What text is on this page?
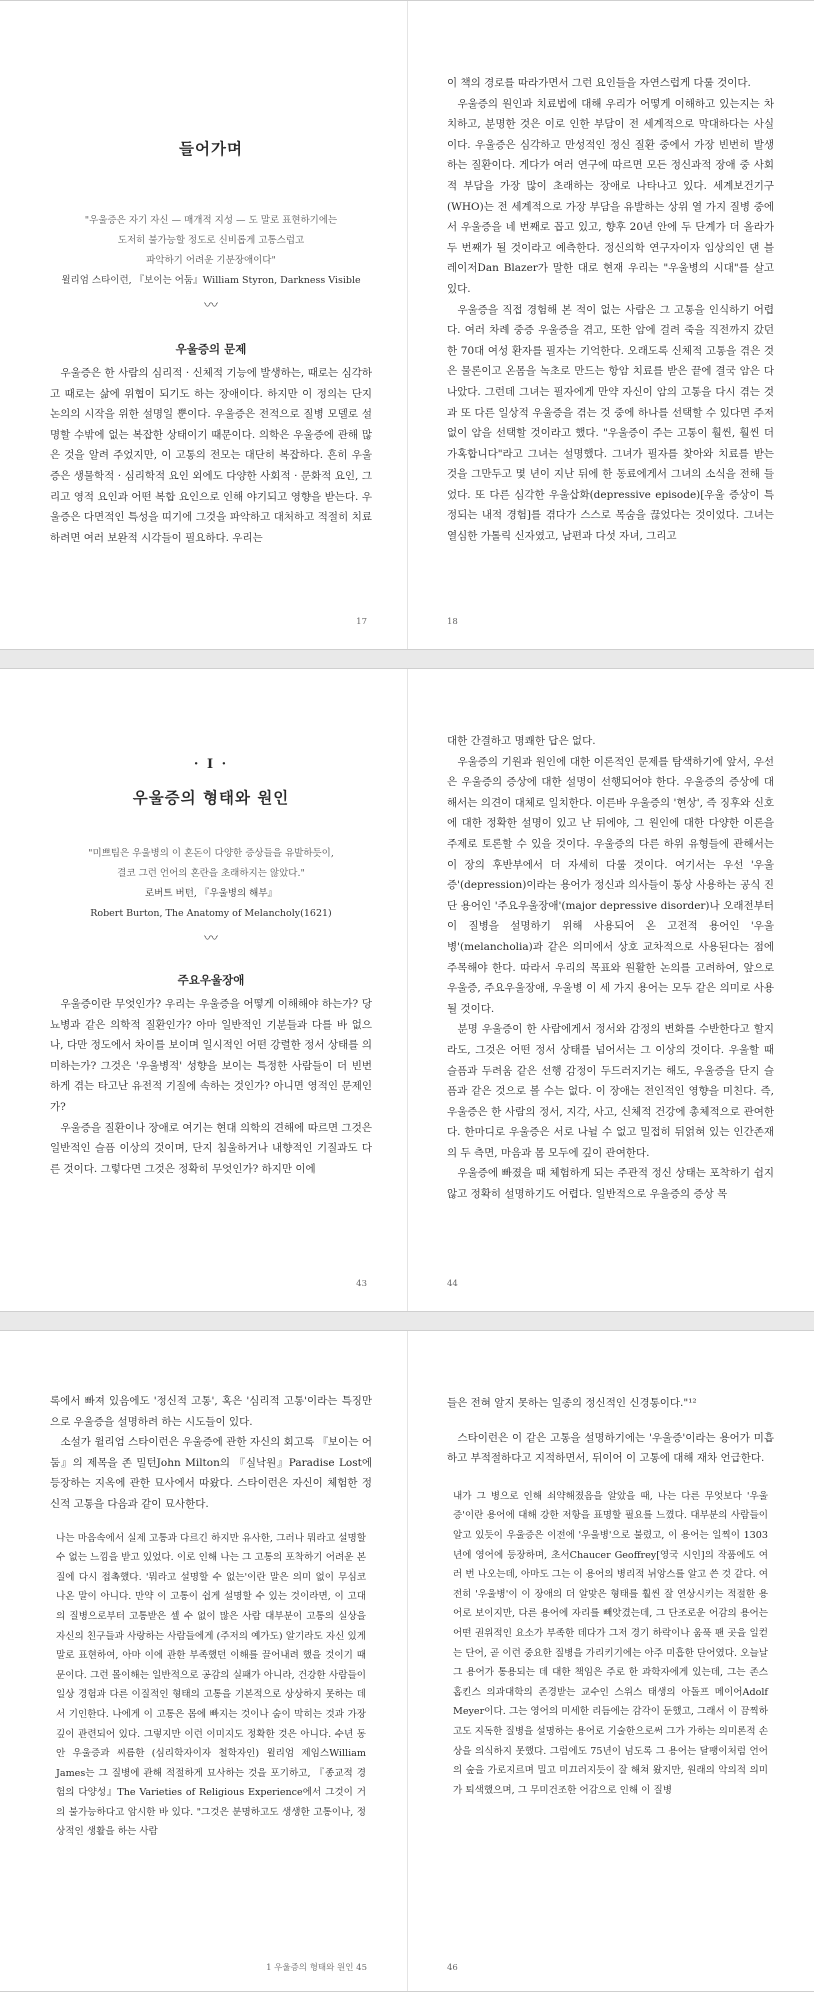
들어가며

"우울증은 자기 자신 — 매개적 지성 — 도 말로 표현하기에는

도저히 불가능할 정도로 신비롭게 고통스럽고

파악하기 어려운 기분장애이다"

윌리엄 스타이런, 『보이는 어둠』William Styron, Darkness Visible

〰

우울증의 문제

우울증은 한 사람의 심리적 · 신체적 기능에 발생하는, 때로는 심각하고 때로는 삶에 위협이 되기도 하는 장애이다. 하지만 이 정의는 단지 논의의 시작을 위한 설명일 뿐이다. 우울증은 전적으로 질병 모델로 설명할 수밖에 없는 복잡한 상태이기 때문이다. 의학은 우울증에 관해 많은 것을 알려 주었지만, 이 고통의 전모는 대단히 복잡하다. 흔히 우울증은 생물학적 · 심리학적 요인 외에도 다양한 사회적 · 문화적 요인, 그리고 영적 요인과 어떤 복합 요인으로 인해 야기되고 영향을 받는다. 우울증은 다면적인 특성을 띠기에 그것을 파악하고 대처하고 적절히 치료하려면 여러 보완적 시각들이 필요하다. 우리는

17

이 책의 경로를 따라가면서 그런 요인들을 자연스럽게 다룰 것이다.

우울증의 원인과 치료법에 대해 우리가 어떻게 이해하고 있는지는 차치하고, 분명한 것은 이로 인한 부담이 전 세계적으로 막대하다는 사실이다. 우울증은 심각하고 만성적인 정신 질환 중에서 가장 빈번히 발생하는 질환이다. 게다가 여러 연구에 따르면 모든 정신과적 장애 중 사회적 부담을 가장 많이 초래하는 장애로 나타나고 있다. 세계보건기구(WHO)는 전 세계적으로 가장 부담을 유발하는 상위 열 가지 질병 중에서 우울증을 네 번째로 꼽고 있고, 향후 20년 안에 두 단계가 더 올라가 두 번째가 될 것이라고 예측한다. 정신의학 연구자이자 임상의인 댄 블레이저Dan Blazer가 말한 대로 현재 우리는 "우울병의 시대"를 살고 있다.

우울증을 직접 경험해 본 적이 없는 사람은 그 고통을 인식하기 어렵다. 여러 차례 중증 우울증을 겪고, 또한 암에 걸려 죽을 직전까지 갔던 한 70대 여성 환자를 필자는 기억한다. 오래도록 신체적 고통을 겪은 것은 물론이고 온몸을 녹초로 만드는 항암 치료를 받은 끝에 결국 암은 다 나았다. 그런데 그녀는 필자에게 만약 자신이 암의 고통을 다시 겪는 것과 또 다른 일상적 우울증을 겪는 것 중에 하나를 선택할 수 있다면 주저 없이 암을 선택할 것이라고 했다. "우울증이 주는 고통이 훨씬, 훨씬 더 가혹합니다"라고 그녀는 설명했다. 그녀가 필자를 찾아와 치료를 받는 것을 그만두고 몇 년이 지난 뒤에 한 동료에게서 그녀의 소식을 전해 들었다. 또 다른 심각한 우울삽화(depressive episode)[우울 증상이 특정되는 내적 경험]를 겪다가 스스로 목숨을 끊었다는 것이었다. 그녀는 열심한 가톨릭 신자였고, 남편과 다섯 자녀, 그리고

18

· I ·

우울증의 형태와 원인

"미쁘팀은 우울병의 이 혼돈이 다양한 증상들을 유발하듯이,

결코 그런 언어의 혼란을 초래하지는 않았다."

로버트 버턴, 『우울병의 해부』

Robert Burton, The Anatomy of Melancholy(1621)

〰

주요우울장애

우울증이란 무엇인가? 우리는 우울증을 어떻게 이해해야 하는가? 당뇨병과 같은 의학적 질환인가? 아마 일반적인 기분들과 다를 바 없으나, 다만 정도에서 차이를 보이며 일시적인 어떤 강렬한 정서 상태를 의미하는가? 그것은 '우울병적' 성향을 보이는 특정한 사람들이 더 빈번하게 겪는 타고난 유전적 기질에 속하는 것인가? 아니면 영적인 문제인가?

우울증을 질환이나 장애로 여기는 현대 의학의 견해에 따르면 그것은 일반적인 슬픔 이상의 것이며, 단지 침울하거나 내향적인 기질과도 다른 것이다. 그렇다면 그것은 정확히 무엇인가? 하지만 이에

43

대한 간결하고 명쾌한 답은 없다.

우울증의 기원과 원인에 대한 이론적인 문제를 탐색하기에 앞서, 우선은 우울증의 증상에 대한 설명이 선행되어야 한다. 우울증의 증상에 대해서는 의견이 대체로 일치한다. 이른바 우울증의 '현상', 즉 징후와 신호에 대한 정확한 설명이 있고 난 뒤에야, 그 원인에 대한 다양한 이론을 주제로 토론할 수 있을 것이다. 우울증의 다른 하위 유형들에 관해서는 이 장의 후반부에서 더 자세히 다룰 것이다. 여기서는 우선 '우울증'(depression)이라는 용어가 정신과 의사들이 통상 사용하는 공식 진단 용어인 '주요우울장애'(major depressive disorder)나 오래전부터 이 질병을 설명하기 위해 사용되어 온 고전적 용어인 '우울병'(melancholia)과 같은 의미에서 상호 교차적으로 사용된다는 점에 주목해야 한다. 따라서 우리의 목표와 원활한 논의를 고려하여, 앞으로 우울증, 주요우울장애, 우울병 이 세 가지 용어는 모두 같은 의미로 사용될 것이다.

분명 우울증이 한 사람에게서 정서와 감정의 변화를 수반한다고 할지라도, 그것은 어떤 정서 상태를 넘어서는 그 이상의 것이다. 우울할 때 슬픔과 두려움 같은 선행 감정이 두드러지기는 해도, 우울증을 단지 슬픔과 같은 것으로 볼 수는 없다. 이 장애는 전인적인 영향을 미친다. 즉, 우울증은 한 사람의 정서, 지각, 사고, 신체적 건강에 총체적으로 관여한다. 한마디로 우울증은 서로 나뉠 수 없고 밀접히 뒤얽혀 있는 인간존재의 두 측면, 마음과 몸 모두에 깊이 관여한다.

우울증에 빠졌을 때 체험하게 되는 주관적 정신 상태는 포착하기 쉽지 않고 정확히 설명하기도 어렵다. 일반적으로 우울증의 증상 목

44

록에서 빠져 있음에도 '정신적 고통', 혹은 '심리적 고통'이라는 특징만으로 우울증을 설명하려 하는 시도들이 있다.

소설가 윌리엄 스타이런은 우울증에 관한 자신의 회고록 『보이는 어둠』의 제목을 존 밀턴John Milton의 『실낙원』Paradise Lost에 등장하는 지옥에 관한 묘사에서 따왔다. 스타이런은 자신이 체험한 정신적 고통을 다음과 같이 묘사한다.

나는 마음속에서 실제 고통과 다르긴 하지만 유사한, 그러나 뭐라고 설명할 수 없는 느낌을 받고 있었다. 이로 인해 나는 그 고통의 포착하기 어려운 본질에 다시 접촉했다. '뭐라고 설명할 수 없는'이란 말은 의미 없이 무심코 나온 말이 아니다. 만약 이 고통이 쉽게 설명할 수 있는 것이라면, 이 고대의 질병으로부터 고통받은 셀 수 없이 많은 사람 대부분이 고통의 실상을 자신의 친구들과 사랑하는 사람들에게 (주저의 예가도) 알기라도 자신 있게 말로 표현하여, 아마 이에 관한 부족했던 이해를 끌어내려 했을 것이기 때문이다. 그런 몰이해는 일반적으로 공감의 실패가 아니라, 건강한 사람들이 일상 경험과 다른 이질적인 형태의 고통을 기본적으로 상상하지 못하는 데서 기인한다. 나에게 이 고통은 몸에 빠지는 것이나 숨이 막히는 것과 가장 깊이 관련되어 있다. 그렇지만 이런 이미지도 정확한 것은 아니다. 수년 동안 우울증과 씨름한 (심리학자이자 철학자인) 윌리엄 제임스William James는 그 질병에 관해 적절하게 묘사하는 것을 포기하고, 『종교적 경험의 다양성』The Varieties of Religious Experience에서 그것이 거의 불가능하다고 암시한 바 있다. "그것은 분명하고도 생생한 고통이나, 정상적인 생활을 하는 사람

1 우울증의 형태와 원인 45

들은 전혀 알지 못하는 일종의 정신적인 신경통이다."¹²

스타이런은 이 같은 고통을 설명하기에는 '우울증'이라는 용어가 미흡하고 부적절하다고 지적하면서, 뒤이어 이 고통에 대해 재차 언급한다.

내가 그 병으로 인해 쇠약해졌음을 알았을 때, 나는 다른 무엇보다 '우울증'이란 용어에 대해 강한 저항을 표명할 필요를 느꼈다. 대부분의 사람들이 알고 있듯이 우울증은 이전에 '우울병'으로 불렸고, 이 용어는 일찍이 1303년에 영어에 등장하며, 초서Chaucer Geoffrey[영국 시인]의 작품에도 여러 번 나오는데, 아마도 그는 이 용어의 병리적 뉘앙스를 알고 쓴 것 같다. 여전히 '우울병'이 이 장애의 더 알맞은 형태를 훨씬 잘 연상시키는 적절한 용어로 보이지만, 다른 용어에 자리를 빼앗겼는데, 그 단조로운 어감의 용어는 어떤 권위적인 요소가 부족한 데다가 그저 경기 하락이나 움푹 팬 곳을 일컫는 단어, 곧 이런 중요한 질병을 가리키기에는 아주 미흡한 단어였다. 오늘날 그 용어가 통용되는 데 대한 책임은 주로 한 과학자에게 있는데, 그는 존스 홉킨스 의과대학의 존경받는 교수인 스위스 태생의 아돌프 메이어Adolf Meyer이다. 그는 영어의 미세한 리듬에는 감각이 둔했고, 그래서 이 끔찍하고도 지독한 질병을 설명하는 용어로 기술한으로써 그가 가하는 의미론적 손상을 의식하지 못했다. 그럼에도 75년이 넘도록 그 용어는 달팽이처럼 언어의 숲을 가로지르며 밀고 미끄러지듯이 잘 해쳐 왔지만, 원래의 악의적 의미가 퇴색했으며, 그 무미건조한 어감으로 인해 이 질병

46
